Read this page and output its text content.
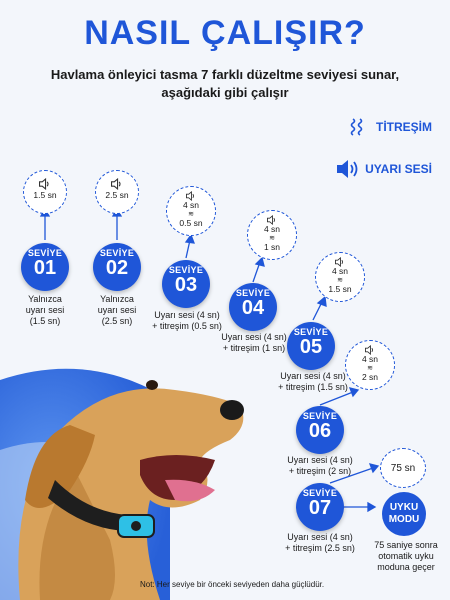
NASIL ÇALIŞIR?
Havlama önleyici tasma 7 farklı düzeltme seviyesi sunar,
aşağıdaki gibi çalışır
TİTREŞİM
UYARI SESİ
1.5 sn	2.5 sn
4 sn
≋
0.5 sn
4 sn
≋
1 sn
4 sn
≋
1.5 sn
4 sn
≋
2 sn
SEVİYE
01
SEVİYE
02	SEVİYE
03	SEVİYE
04
SEVİYE
05
SEVİYE
06
SEVİYE
07
Yalnızca
uyarı sesi
(1.5 sn)
Yalnızca
uyarı sesi
(2.5 sn)
Uyarı sesi (4 sn)
+ titreşim (0.5 sn)
Uyarı sesi (4 sn)
+ titreşim (1 sn)
Uyarı sesi (4 sn)
+ titreşim (1.5 sn)
Uyarı sesi (4 sn)
+ titreşim (2 sn)
Uyarı sesi (4 sn)
+ titreşim (2.5 sn)
75 sn
UYKU
MODU
75 saniye sonra
otomatik uyku
moduna geçer
Not: Her seviye bir önceki seviyeden daha güçlüdür.
